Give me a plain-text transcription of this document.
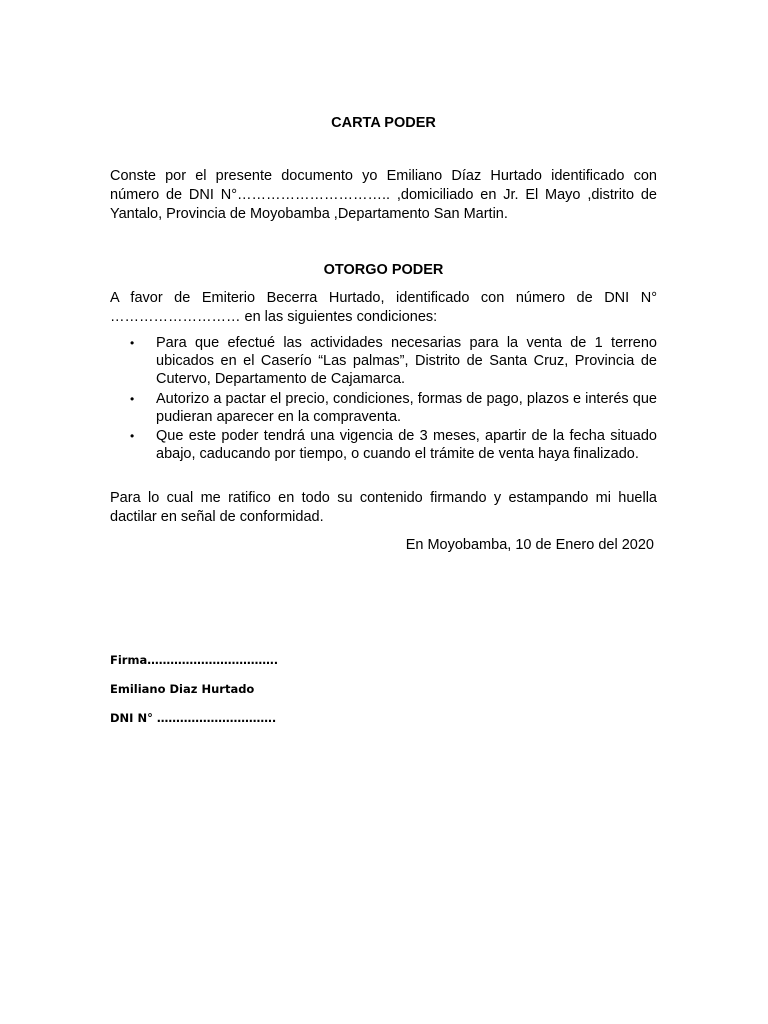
CARTA PODER
Conste por el presente documento yo Emiliano Díaz Hurtado identificado con número de DNI N°………………………….. ,domiciliado en Jr. El Mayo ,distrito de Yantalo, Provincia de Moyobamba ,Departamento San Martin.
OTORGO PODER
A favor de Emiterio Becerra Hurtado, identificado con número de DNI N° ……………………… en las siguientes condiciones:
• Para que efectué las actividades necesarias para la venta de 1 terreno ubicados en el Caserío “Las palmas”, Distrito de Santa Cruz, Provincia de Cutervo, Departamento de Cajamarca.
• Autorizo a pactar el precio, condiciones, formas de pago, plazos e interés que pudieran aparecer en la compraventa.
• Que este poder tendrá una vigencia de 3 meses, apartir de la fecha situado abajo, caducando por tiempo, o cuando el trámite de venta haya finalizado.
Para lo cual me ratifico en todo su contenido firmando y estampando mi huella dactilar en señal de conformidad.
En Moyobamba, 10 de Enero del 2020
Firma…………………………….
Emiliano Diaz Hurtado
DNI N° ………………………….
